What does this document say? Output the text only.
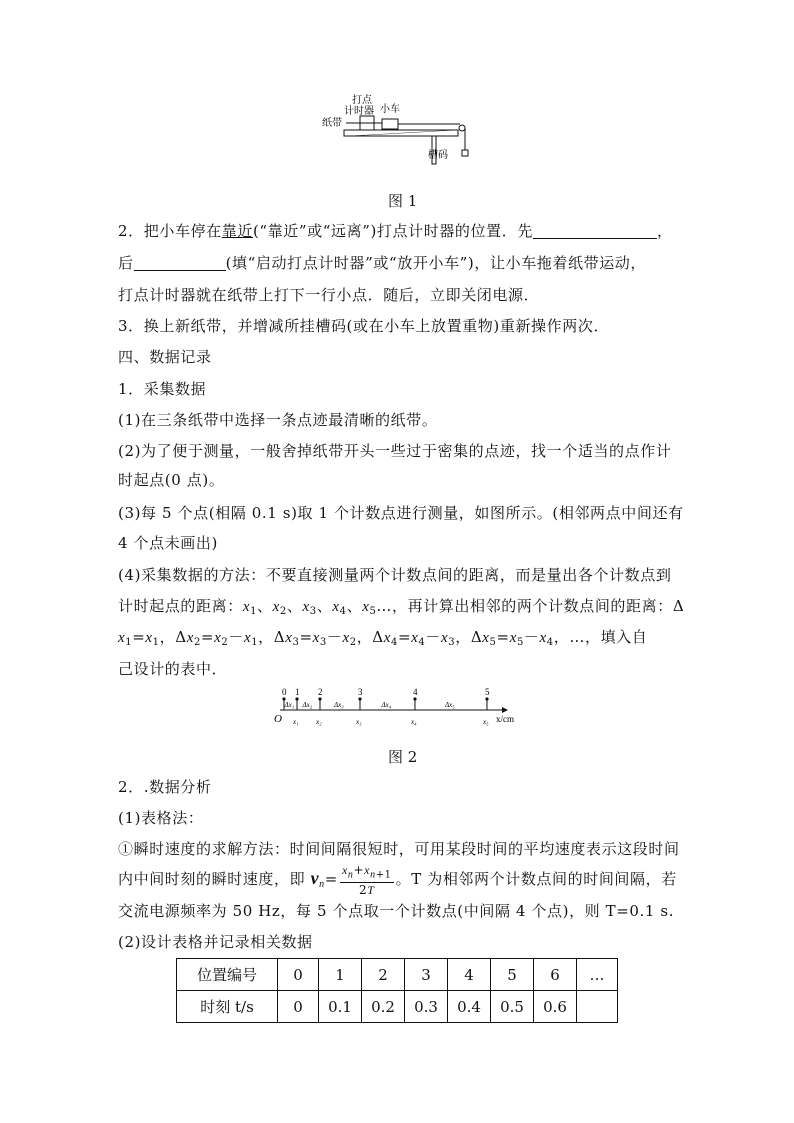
打点
计时器 小车
纸带
槽码
图 1
2．把小车停在靠近(“靠近”或“远离”)打点计时器的位置．先	，
后	(填“启动打点计时器”或“放开小车”)，让小车拖着纸带运动，
打点计时器就在纸带上打下一行小点．随后，立即关闭电源．
3．换上新纸带，并增减所挂槽码(或在小车上放置重物)重新操作两次．
四、数据记录
1．采集数据
(1)在三条纸带中选择一条点迹最清晰的纸带。
(2)为了便于测量，一般舍掉纸带开头一些过于密集的点迹，找一个适当的点作计
时起点(0 点)。
(3)每 5 个点(相隔 0.1 s)取 1 个计数点进行测量，如图所示。(相邻两点中间还有
4 个点未画出)
(4)采集数据的方法：不要直接测量两个计数点间的距离，而是量出各个计数点到
计时起点的距离：$x_1$、$x_2$、$x_3$、$x_4$、$x_5\dots$，再计算出相邻的两个计数点间的距离：Δ
$x_1=x_1$，$\Delta x_2=x_2-x_1$，$\Delta x_3=x_3-x_2$，$\Delta x_4=x_4-x_3$，$\Delta x_5=x_5-x_4$，…，填入自
己设计的表中．
O	x/cm
0 1 2	3	4	5
Δx₁ Δx₂	Δx₃	Δx₄	Δx₅
x₁ x₂	x₃	x₄	x₅
图 2
2．.数据分析
(1)表格法：
①瞬时速度的求解方法：时间间隔很短时，可用某段时间的平均速度表示这段时间
内中间时刻的瞬时速度，即 $v_n= \frac{x_n+x_{n+1}}{2T}$ 。T 为相邻两个计数点间的时间间隔，若
交流电源频率为 50 Hz，每 5 个点取一个计数点(中间隔 4 个点)，则 T=0.1 s.
(2)设计表格并记录相关数据
位置编号	0	1	2	3	4	5	6	…
时刻 t/s	0	0.1	0.2	0.3	0.4	0.5	0.6	
